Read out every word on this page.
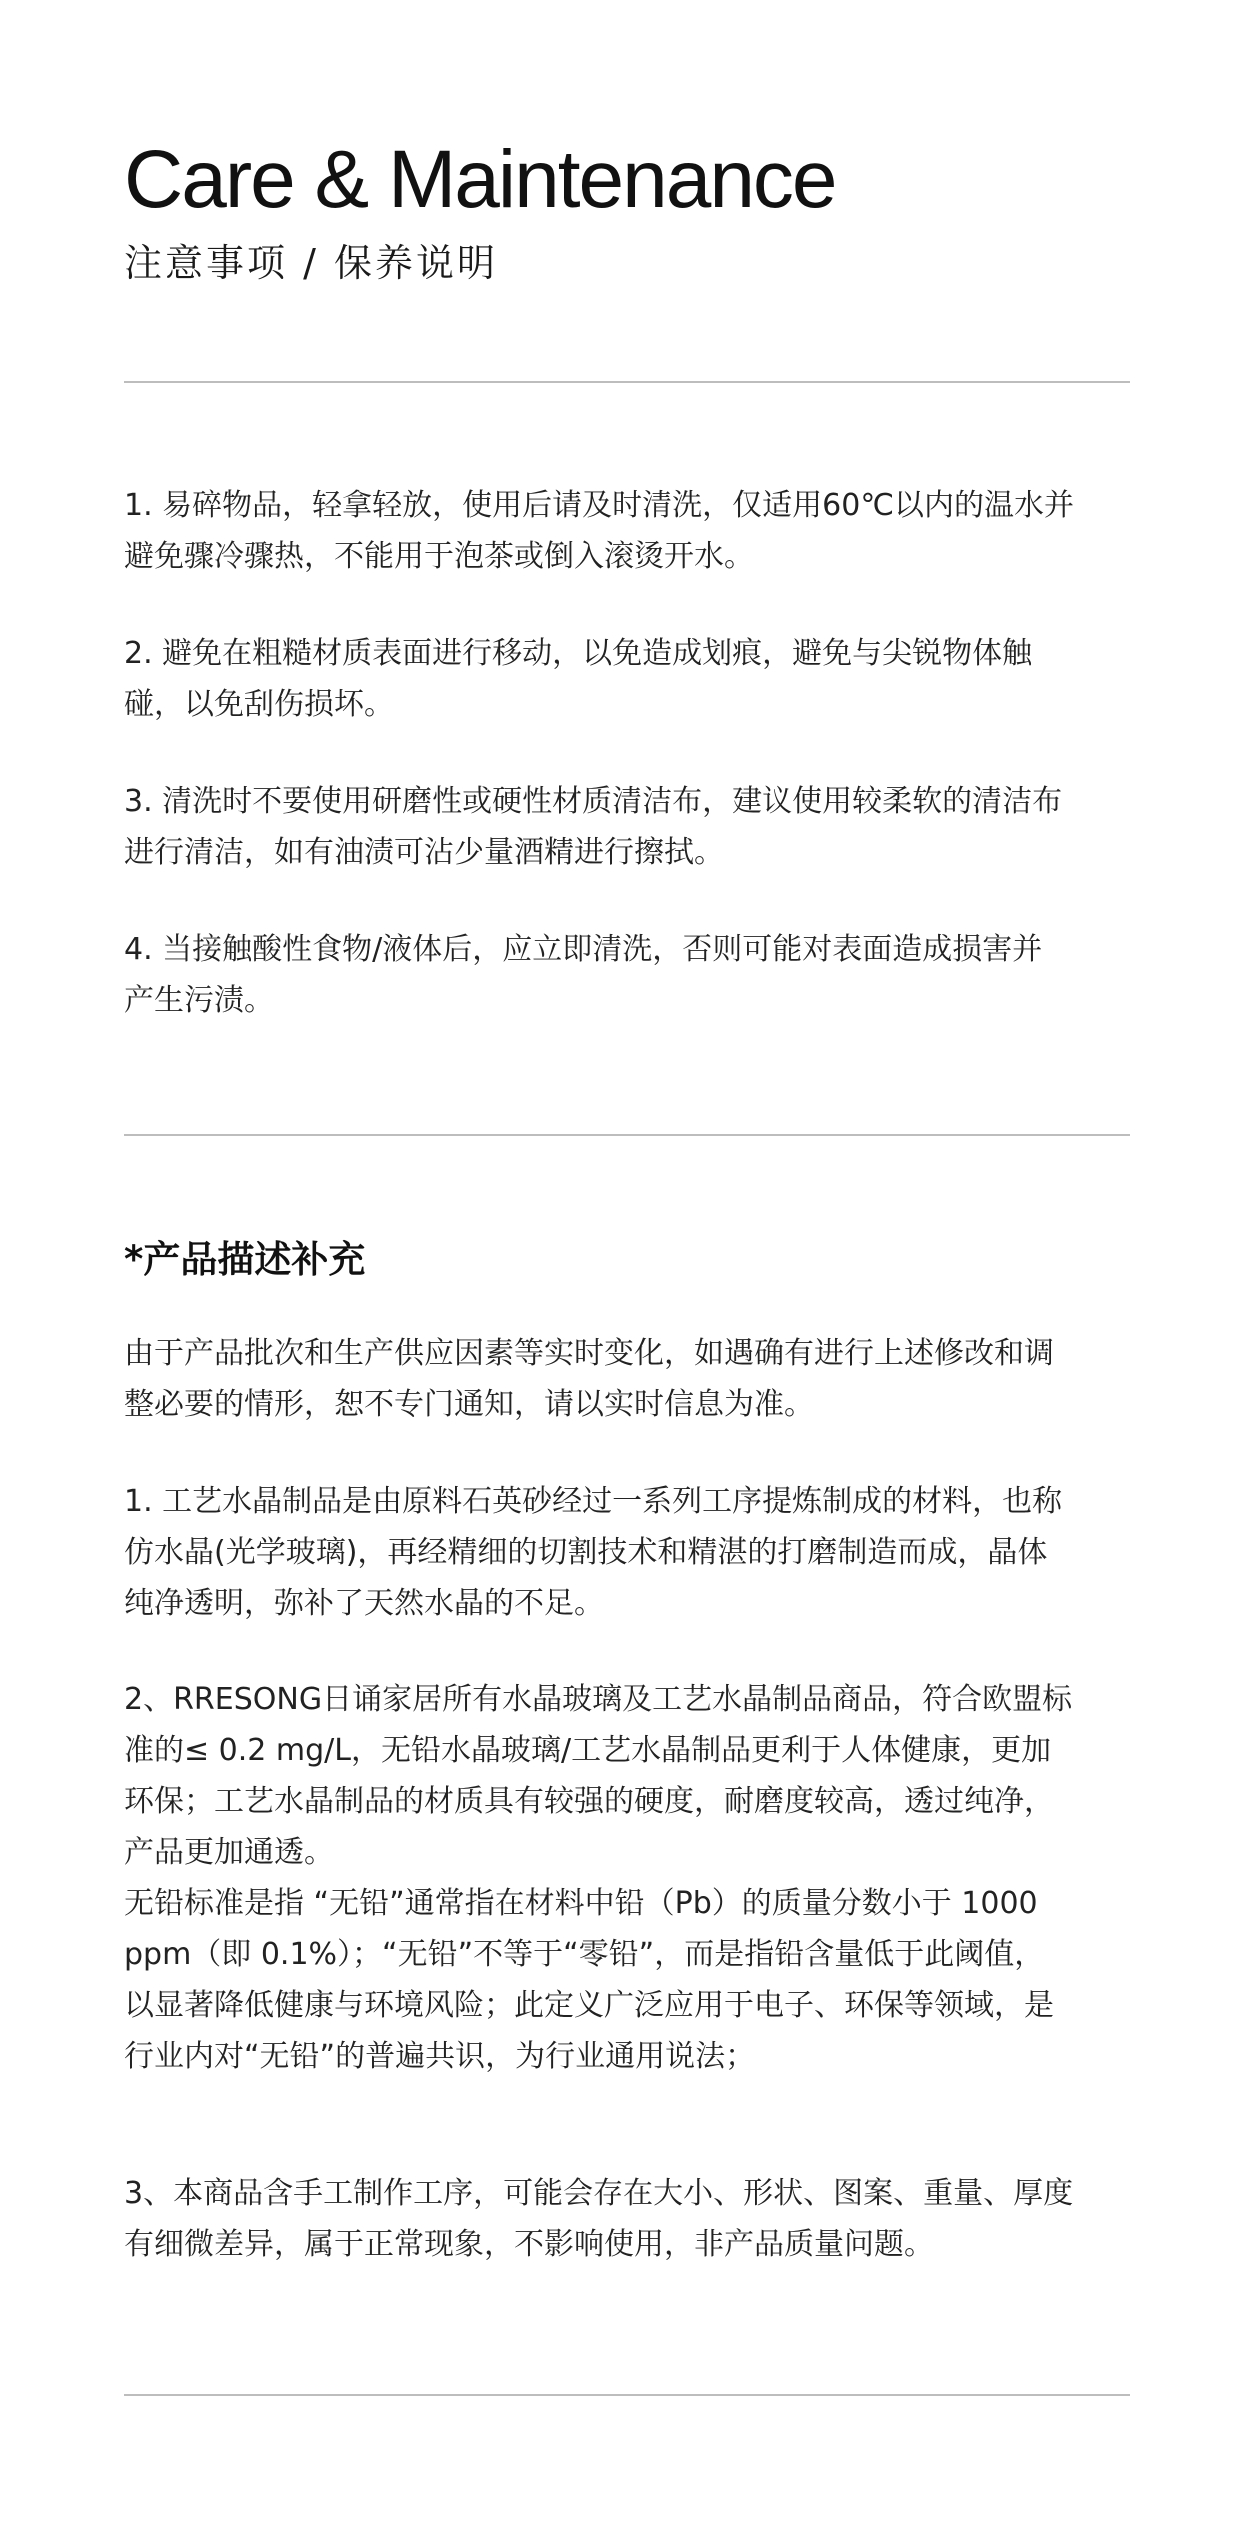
Care & Maintenance
注意事项 / 保养说明

1. 易碎物品，轻拿轻放，使用后请及时清洗，仅适用60℃以内的温水并
避免骤冷骤热，不能用于泡茶或倒入滚烫开水。

2. 避免在粗糙材质表面进行移动，以免造成划痕，避免与尖锐物体触
碰，以免刮伤损坏。

3. 清洗时不要使用研磨性或硬性材质清洁布，建议使用较柔软的清洁布
进行清洁，如有油渍可沾少量酒精进行擦拭。

4. 当接触酸性食物/液体后，应立即清洗，否则可能对表面造成损害并
产生污渍。

*产品描述补充

由于产品批次和生产供应因素等实时变化，如遇确有进行上述修改和调
整必要的情形，恕不专门通知，请以实时信息为准。

1. 工艺水晶制品是由原料石英砂经过一系列工序提炼制成的材料，也称
仿水晶(光学玻璃)，再经精细的切割技术和精湛的打磨制造而成，晶体
纯净透明，弥补了天然水晶的不足。

2、RRESONG日诵家居所有水晶玻璃及工艺水晶制品商品，符合欧盟标
准的≤ 0.2 mg/L，无铅水晶玻璃/工艺水晶制品更利于人体健康，更加
环保；工艺水晶制品的材质具有较强的硬度，耐磨度较高，透过纯净，
产品更加通透。
无铅标准是指 “无铅”通常指在材料中铅（Pb）的质量分数小于 1000
ppm（即 0.1%）；“无铅”不等于“零铅”，而是指铅含量低于此阈值，
以显著降低健康与环境风险；此定义广泛应用于电子、环保等领域，是
行业内对“无铅”的普遍共识，为行业通用说法；

3、本商品含手工制作工序，可能会存在大小、形状、图案、重量、厚度
有细微差异，属于正常现象，不影响使用，非产品质量问题。
